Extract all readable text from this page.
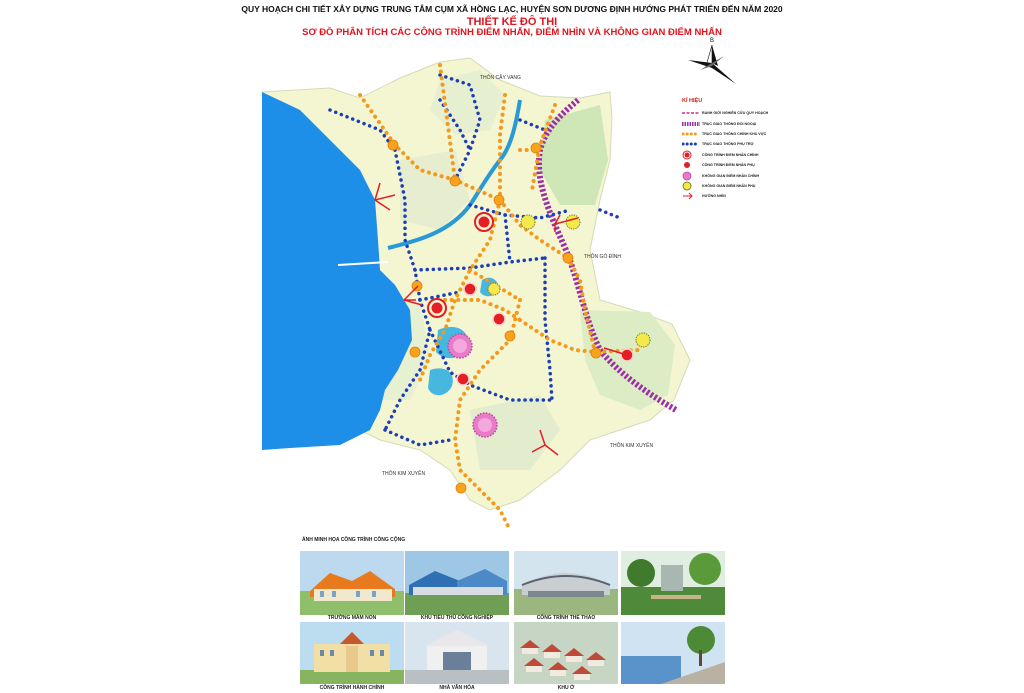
QUY HOẠCH CHI TIẾT XÂY DỰNG TRUNG TÂM CỤM XÃ HỒNG LẠC, HUYỆN SƠN DƯƠNG ĐỊNH HƯỚNG PHÁT TRIỂN ĐẾN NĂM 2020
THIẾT KẾ ĐÔ THỊ
SƠ ĐỒ PHÂN TÍCH CÁC CÔNG TRÌNH ĐIỂM NHẤN, ĐIỂM NHÌN VÀ KHÔNG GIAN ĐIỂM NHẤN
THÔN CÂY VANG
THÔN GÒ ĐÌNH
THÔN KIM XUYÊN
THÔN KIM XUYÊN
B
KÍ HIỆU
RANH GIỚI NGHIÊN CỨU QUY HOẠCH
TRỤC GIAO THÔNG ĐỐI NGOẠI
TRỤC GIAO THÔNG CHÍNH KHU VỰC
TRỤC GIAO THÔNG PHỤ TRỢ
CÔNG TRÌNH ĐIỂM NHẤN CHÍNH
CÔNG TRÌNH ĐIỂM NHẤN PHỤ
KHÔNG GIAN ĐIỂM NHẤN CHÍNH
KHÔNG GIAN ĐIỂM NHẤN PHỤ
HƯỚNG NHÌN
ẢNH MINH HỌA CÔNG TRÌNH CÔNG CỘNG
TRƯỜNG MẦM NON	KHU TIỂU THỦ CÔNG NGHIỆP	CÔNG TRÌNH THỂ THAO
CÔNG TRÌNH HÀNH CHÍNH	NHÀ VĂN HÓA	KHU Ở
